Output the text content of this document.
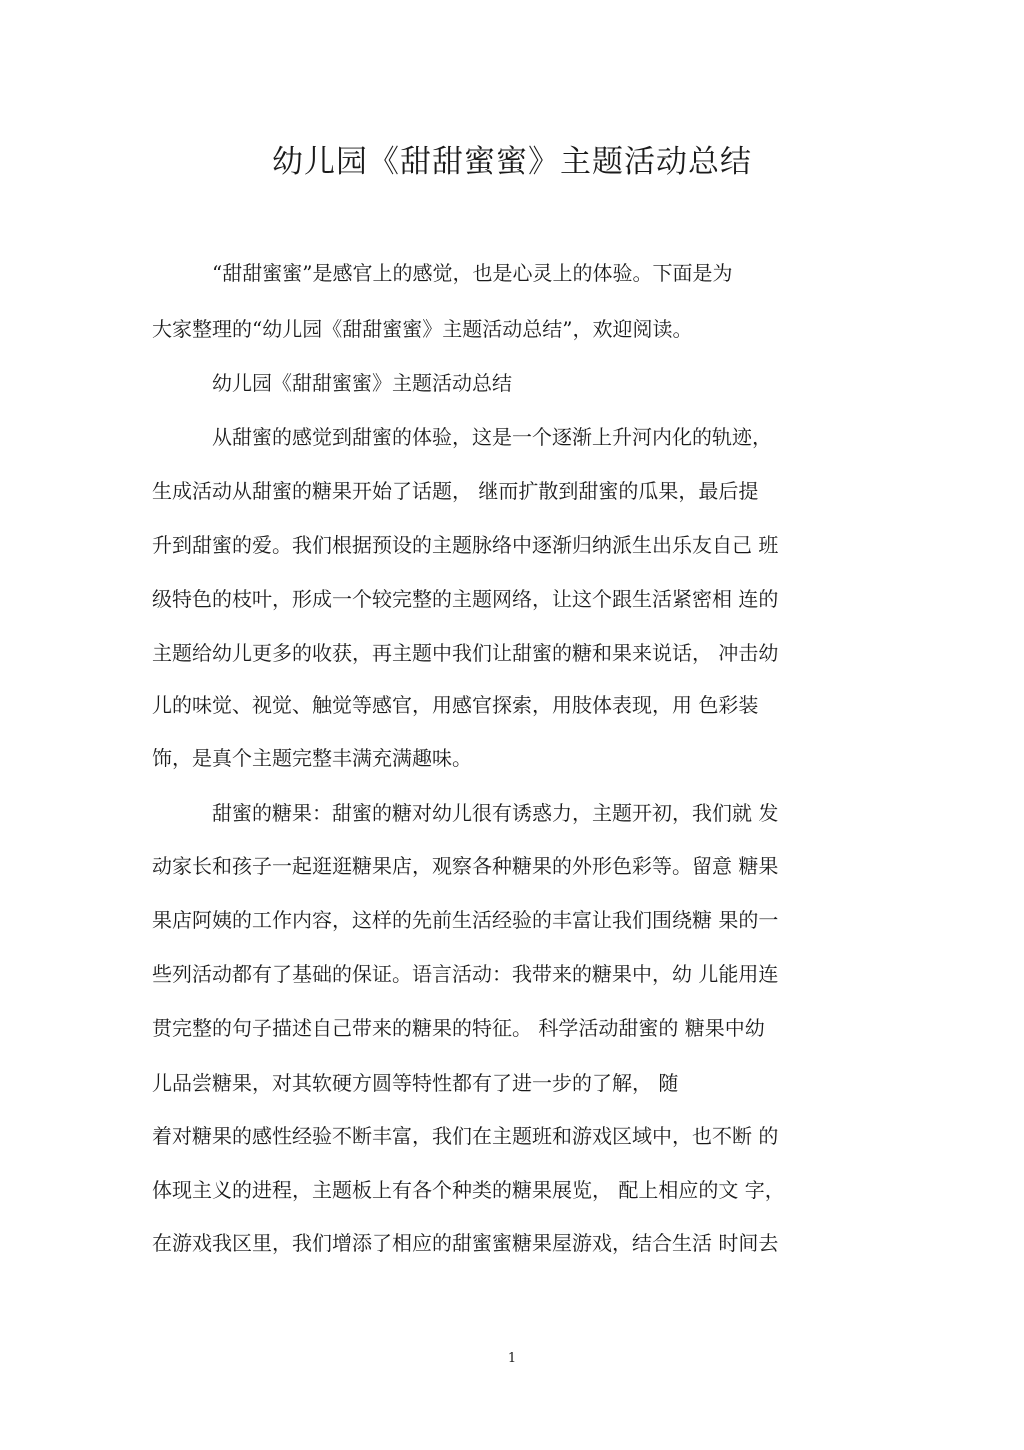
幼儿园《甜甜蜜蜜》主题活动总结
“甜甜蜜蜜”是感官上的感觉，也是心灵上的体验。下面是为
大家整理的“幼儿园《甜甜蜜蜜》主题活动总结”，欢迎阅读。
幼儿园《甜甜蜜蜜》主题活动总结
从甜蜜的感觉到甜蜜的体验，这是一个逐渐上升河内化的轨迹，
生成活动从甜蜜的糖果开始了话题， 继而扩散到甜蜜的瓜果，最后提
升到甜蜜的爱。我们根据预设的主题脉络中逐渐归纳派生出乐友自己 班
级特色的枝叶，形成一个较完整的主题网络，让这个跟生活紧密相 连的
主题给幼儿更多的收获，再主题中我们让甜蜜的糖和果来说话， 冲击幼
儿的味觉、视觉、触觉等感官，用感官探索，用肢体表现，用 色彩装
饰，是真个主题完整丰满充满趣味。
甜蜜的糖果：甜蜜的糖对幼儿很有诱惑力，主题开初，我们就 发
动家长和孩子一起逛逛糖果店，观察各种糖果的外形色彩等。留意 糖果
果店阿姨的工作内容，这样的先前生活经验的丰富让我们围绕糖 果的一
些列活动都有了基础的保证。语言活动：我带来的糖果中，幼 儿能用连
贯完整的句子描述自己带来的糖果的特征。 科学活动甜蜜的 糖果中幼
儿品尝糖果，对其软硬方圆等特性都有了进一步的了解， 随
着对糖果的感性经验不断丰富，我们在主题班和游戏区域中，也不断 的
体现主义的进程，主题板上有各个种类的糖果展览， 配上相应的文 字，
在游戏我区里，我们增添了相应的甜蜜蜜糖果屋游戏，结合生活 时间去
1
